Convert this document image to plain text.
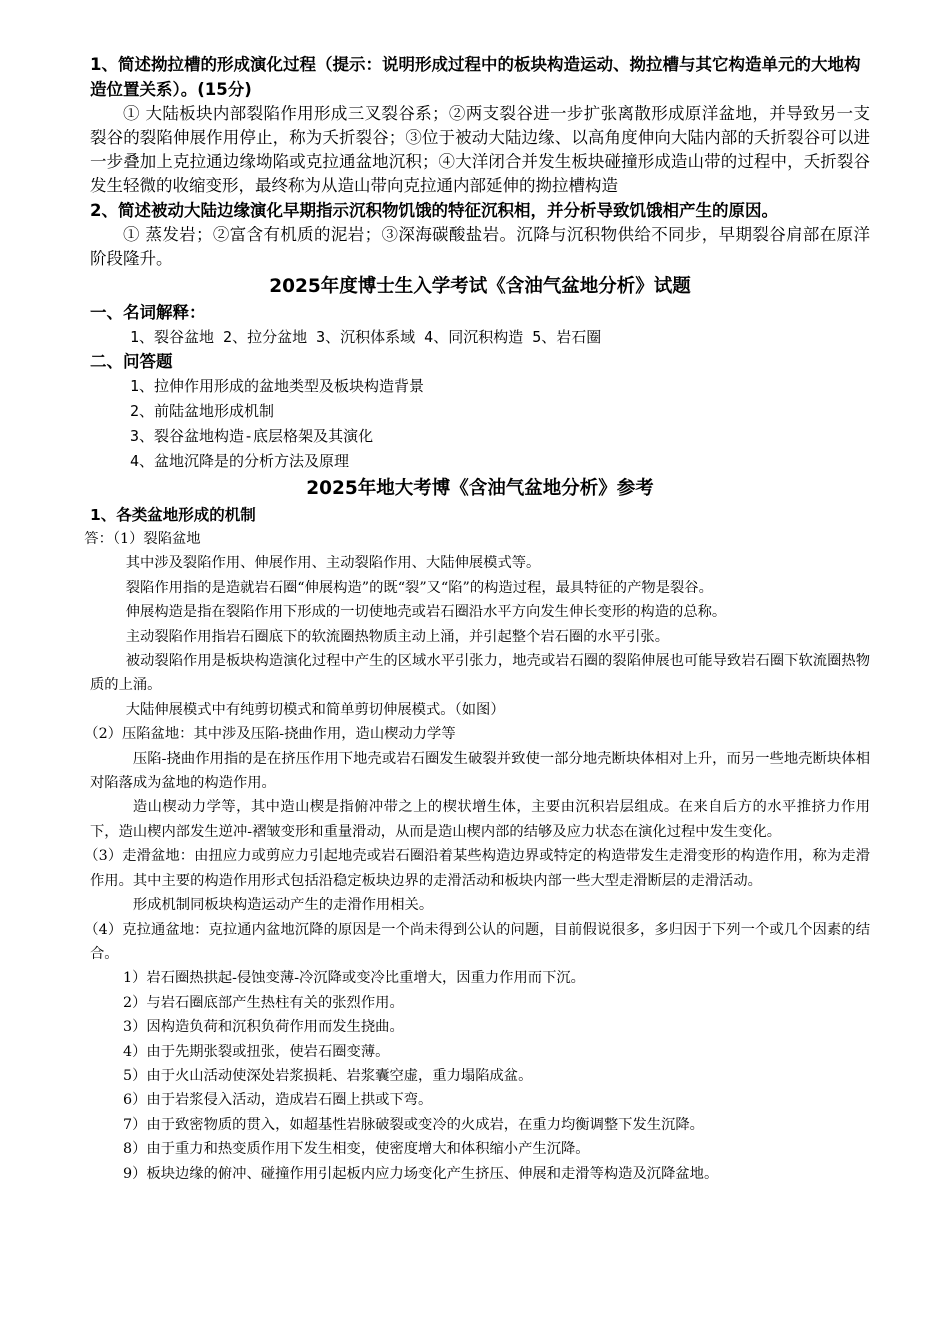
1、简述拗拉槽的形成演化过程（提示：说明形成过程中的板块构造运动、拗拉槽与其它构造单元的大地构造位置关系）。(15分)

① 大陆板块内部裂陷作用形成三叉裂谷系；②两支裂谷进一步扩张离散形成原洋盆地，并导致另一支裂谷的裂陷伸展作用停止，称为夭折裂谷；③位于被动大陆边缘、以高角度伸向大陆内部的夭折裂谷可以进一步叠加上克拉通边缘坳陷或克拉通盆地沉积；④大洋闭合并发生板块碰撞形成造山带的过程中，夭折裂谷发生轻微的收缩变形，最终称为从造山带向克拉通内部延伸的拗拉槽构造

2、简述被动大陆边缘演化早期指示沉积物饥饿的特征沉积相，并分析导致饥饿相产生的原因。

① 蒸发岩；②富含有机质的泥岩；③深海碳酸盐岩。沉降与沉积物供给不同步，早期裂谷肩部在原洋阶段隆升。

2025年度博士生入学考试《含油气盆地分析》试题

一、名词解释：

1、裂谷盆地 2、拉分盆地 3、沉积体系域 4、同沉积构造 5、岩石圈

二、问答题

1、拉伸作用形成的盆地类型及板块构造背景

2、前陆盆地形成机制

3、裂谷盆地构造-底层格架及其演化

4、盆地沉降是的分析方法及原理

2025年地大考博《含油气盆地分析》参考

1、各类盆地形成的机制

答：（1）裂陷盆地

其中涉及裂陷作用、伸展作用、主动裂陷作用、大陆伸展模式等。

裂陷作用指的是造就岩石圈“伸展构造”的既“裂”又“陷”的构造过程，最具特征的产物是裂谷。

伸展构造是指在裂陷作用下形成的一切使地壳或岩石圈沿水平方向发生伸长变形的构造的总称。

主动裂陷作用指岩石圈底下的软流圈热物质主动上涌，并引起整个岩石圈的水平引张。

被动裂陷作用是板块构造演化过程中产生的区域水平引张力，地壳或岩石圈的裂陷伸展也可能导致岩石圈下软流圈热物质的上涌。

大陆伸展模式中有纯剪切模式和简单剪切伸展模式。（如图）

（2）压陷盆地：其中涉及压陷-挠曲作用，造山楔动力学等

压陷-挠曲作用指的是在挤压作用下地壳或岩石圈发生破裂并致使一部分地壳断块体相对上升，而另一些地壳断块体相对陷落成为盆地的构造作用。

造山楔动力学等，其中造山楔是指俯冲带之上的楔状增生体，主要由沉积岩层组成。在来自后方的水平推挤力作用下，造山楔内部发生逆冲-褶皱变形和重量滑动，从而是造山楔内部的结够及应力状态在演化过程中发生变化。

（3）走滑盆地：由扭应力或剪应力引起地壳或岩石圈沿着某些构造边界或特定的构造带发生走滑变形的构造作用，称为走滑作用。其中主要的构造作用形式包括沿稳定板块边界的走滑活动和板块内部一些大型走滑断层的走滑活动。

形成机制同板块构造运动产生的走滑作用相关。

（4）克拉通盆地：克拉通内盆地沉降的原因是一个尚未得到公认的问题，目前假说很多，多归因于下列一个或几个因素的结合。

1）岩石圈热拱起-侵蚀变薄-冷沉降或变冷比重增大，因重力作用而下沉。

2）与岩石圈底部产生热柱有关的张烈作用。

3）因构造负荷和沉积负荷作用而发生挠曲。

4）由于先期张裂或扭张，使岩石圈变薄。

5）由于火山活动使深处岩浆损耗、岩浆囊空虚，重力塌陷成盆。

6）由于岩浆侵入活动，造成岩石圈上拱或下弯。

7）由于致密物质的贯入，如超基性岩脉破裂或变冷的火成岩，在重力均衡调整下发生沉降。

8）由于重力和热变质作用下发生相变，使密度增大和体积缩小产生沉降。

9）板块边缘的俯冲、碰撞作用引起板内应力场变化产生挤压、伸展和走滑等构造及沉降盆地。
